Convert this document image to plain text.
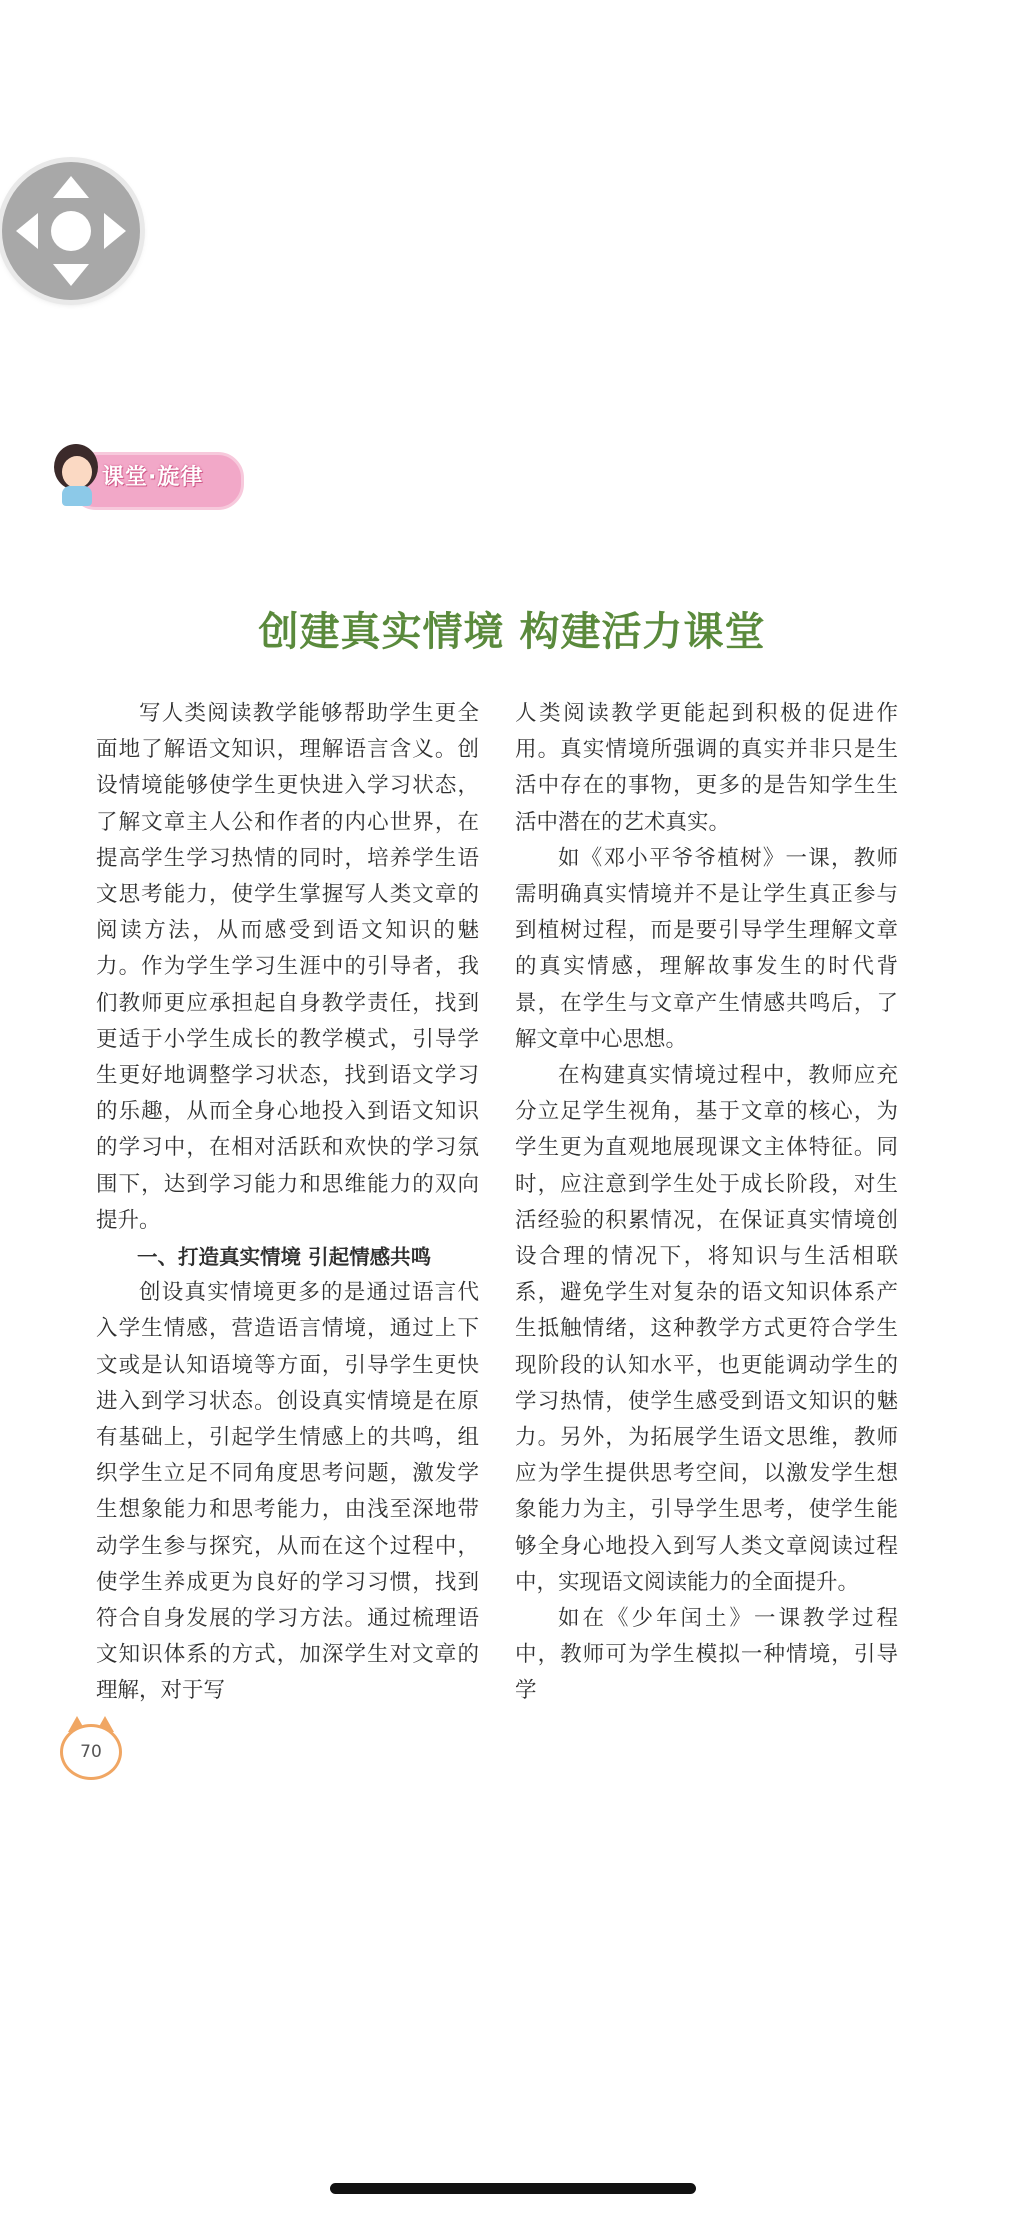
课堂·旋律
创建真实情境 构建活力课堂

写人类阅读教学能够帮助学生更全面地了解语文知识，理解语言含义。创设情境能够使学生更快进入学习状态，了解文章主人公和作者的内心世界，在提高学生学习热情的同时，培养学生语文思考能力，使学生掌握写人类文章的阅读方法，从而感受到语文知识的魅力。作为学生学习生涯中的引导者，我们教师更应承担起自身教学责任，找到更适于小学生成长的教学模式，引导学生更好地调整学习状态，找到语文学习的乐趣，从而全身心地投入到语文知识的学习中，在相对活跃和欢快的学习氛围下，达到学习能力和思维能力的双向提升。

一、打造真实情境 引起情感共鸣

创设真实情境更多的是通过语言代入学生情感，营造语言情境，通过上下文或是认知语境等方面，引导学生更快进入到学习状态。创设真实情境是在原有基础上，引起学生情感上的共鸣，组织学生立足不同角度思考问题，激发学生想象能力和思考能力，由浅至深地带动学生参与探究，从而在这个过程中，使学生养成更为良好的学习习惯，找到符合自身发展的学习方法。通过梳理语文知识体系的方式，加深学生对文章的理解，对于写

人类阅读教学更能起到积极的促进作用。真实情境所强调的真实并非只是生活中存在的事物，更多的是告知学生生活中潜在的艺术真实。

如《邓小平爷爷植树》一课，教师需明确真实情境并不是让学生真正参与到植树过程，而是要引导学生理解文章的真实情感，理解故事发生的时代背景，在学生与文章产生情感共鸣后，了解文章中心思想。

在构建真实情境过程中，教师应充分立足学生视角，基于文章的核心，为学生更为直观地展现课文主体特征。同时，应注意到学生处于成长阶段，对生活经验的积累情况，在保证真实情境创设合理的情况下，将知识与生活相联系，避免学生对复杂的语文知识体系产生抵触情绪，这种教学方式更符合学生现阶段的认知水平，也更能调动学生的学习热情，使学生感受到语文知识的魅力。另外，为拓展学生语文思维，教师应为学生提供思考空间，以激发学生想象能力为主，引导学生思考，使学生能够全身心地投入到写人类文章阅读过程中，实现语文阅读能力的全面提升。

如在《少年闰土》一课教学过程中，教师可为学生模拟一种情境，引导学

70
